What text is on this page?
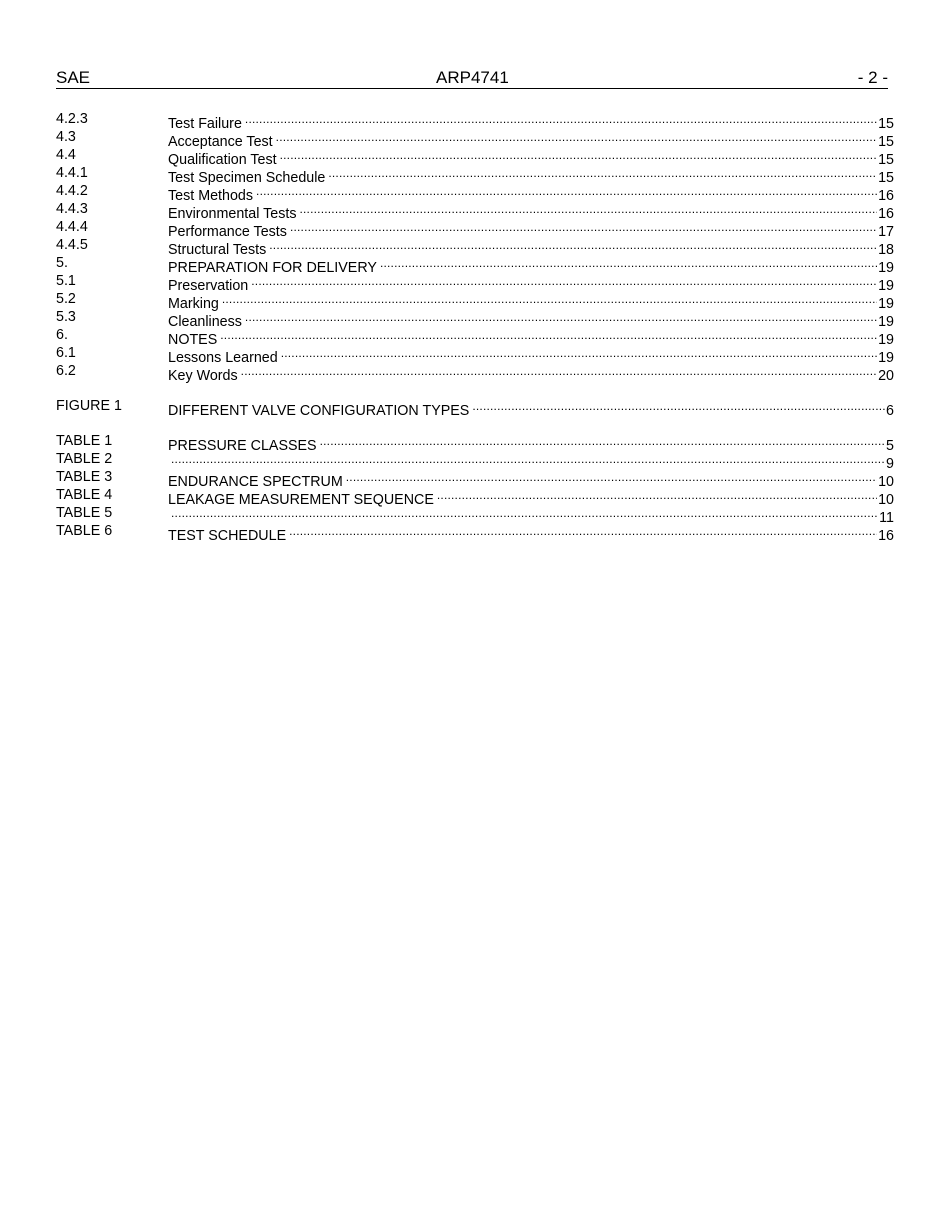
SAE	ARP4741	- 2 -
4.2.3	Test Failure .....	15
4.3	Acceptance Test .....	15
4.4	Qualification Test .....	15
4.4.1	Test Specimen Schedule .....	15
4.4.2	Test Methods .....	16
4.4.3	Environmental Tests .....	16
4.4.4	Performance Tests .....	17
4.4.5	Structural Tests .....	18
5.	PREPARATION FOR DELIVERY .....	19
5.1	Preservation .....	19
5.2	Marking .....	19
5.3	Cleanliness .....	19
6.	NOTES .....	19
6.1	Lessons Learned .....	19
6.2	Key Words .....	20
FIGURE 1	DIFFERENT VALVE CONFIGURATION TYPES .....	6
TABLE 1	PRESSURE CLASSES .....	5
TABLE 2 .....	9
TABLE 3	ENDURANCE SPECTRUM .....	10
TABLE 4	LEAKAGE MEASUREMENT SEQUENCE .....	10
TABLE 5 .....	11
TABLE 6	TEST SCHEDULE .....	16
